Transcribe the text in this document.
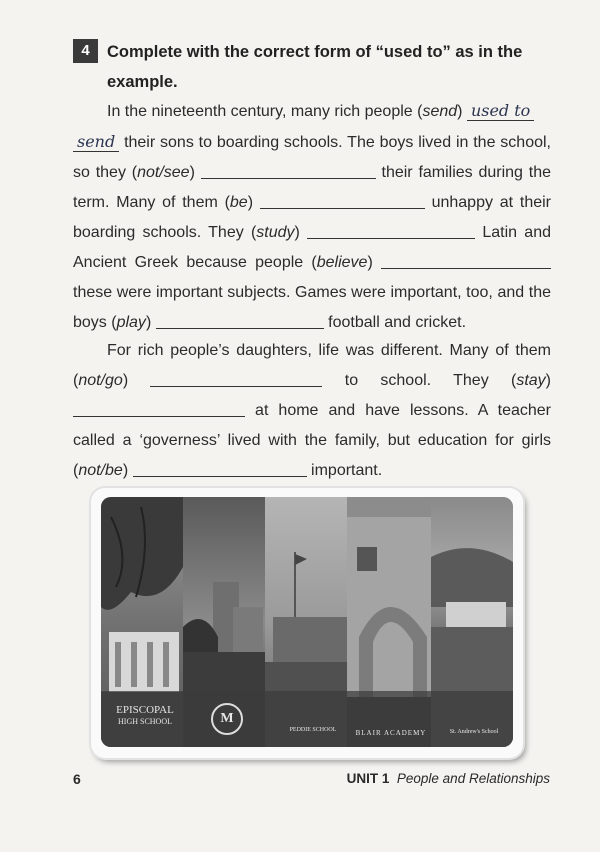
4	Complete with the correct form of “used to” as in the example.
In the nineteenth century, many rich people (send) used to
send their sons to boarding schools. The boys lived in the school, so they (not/see)	their families during the term. Many of them (be)	unhappy at their boarding schools. They (study)	Latin and Ancient Greek because people (believe)  these were important subjects. Games were important, too, and the boys (play)	football and cricket.
For rich people’s daughters, life was different. Many of them (not/go)	to school. They (stay)  at home and have lessons. A teacher called a ‘governess’ lived with the family, but education for girls (not/be)	important.
EPISCOPAL
HIGH SCHOOL	M
PEDDIE SCHOOL	BLAIR ACADEMY	St. Andrew's School
6	UNIT 1 People and Relationships
